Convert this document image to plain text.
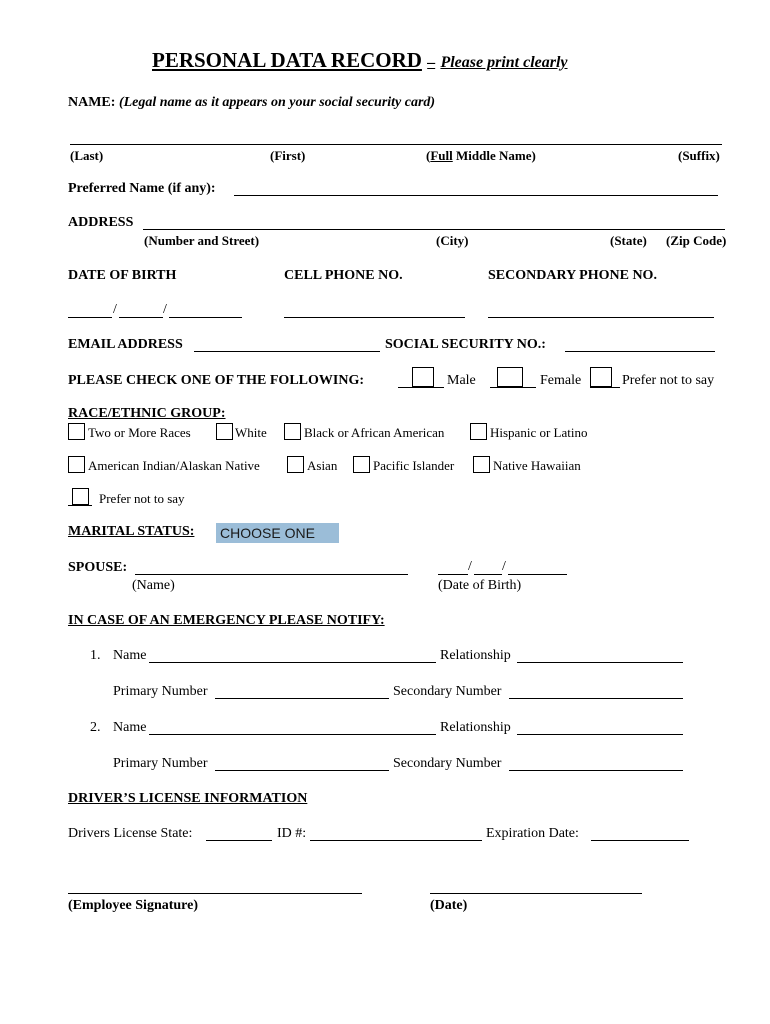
PERSONAL DATA RECORD – Please print clearly
NAME: (Legal name as it appears on your social security card)
(Last)	(First)	(Full Middle Name)	(Suffix)
Preferred Name (if any):
ADDRESS
(Number and Street)	(City)	(State) (Zip Code)
DATE OF BIRTH	CELL PHONE NO.	SECONDARY PHONE NO.
/	/
EMAIL ADDRESS	SOCIAL SECURITY NO.:
PLEASE CHECK ONE OF THE FOLLOWING:	Male	Female	Prefer not to say
RACE/ETHNIC GROUP:
Two or More Races	White	Black or African American	Hispanic or Latino
American Indian/Alaskan Native	Asian	Pacific Islander	Native Hawaiian
Prefer not to say
MARITAL STATUS: CHOOSE ONE
SPOUSE:
(Name)
/ /
(Date of Birth)
IN CASE OF AN EMERGENCY PLEASE NOTIFY:
1. Name	Relationship
Primary Number	Secondary Number
2. Name	Relationship
Primary Number	Secondary Number
DRIVER’S LICENSE INFORMATION
Drivers License State:	ID #:	Expiration Date:
(Employee Signature)	(Date)
